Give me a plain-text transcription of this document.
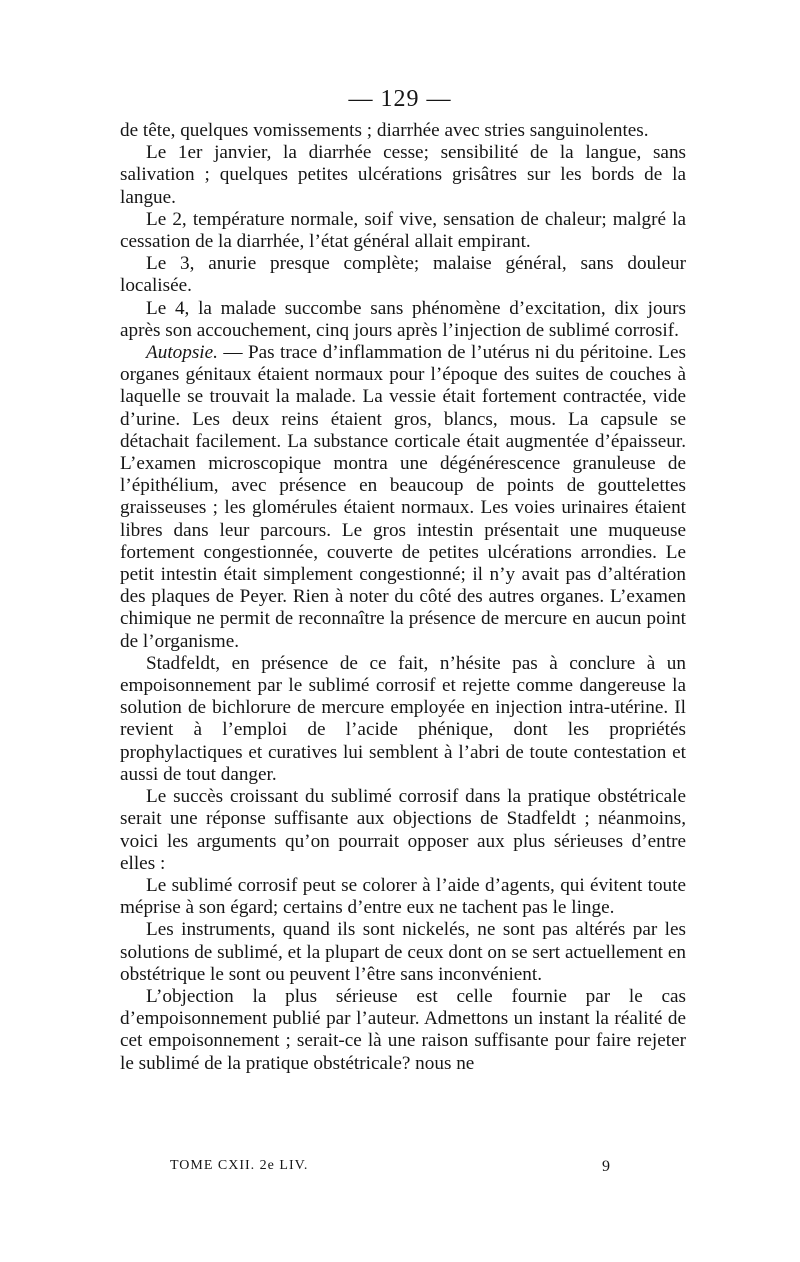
— 129 —

de tête, quelques vomissements ; diarrhée avec stries sanguinolentes.

Le 1er janvier, la diarrhée cesse; sensibilité de la langue, sans salivation ; quelques petites ulcérations grisâtres sur les bords de la langue.

Le 2, température normale, soif vive, sensation de chaleur; malgré la cessation de la diarrhée, l’état général allait empirant.

Le 3, anurie presque complète; malaise général, sans douleur localisée.

Le 4, la malade succombe sans phénomène d’excitation, dix jours après son accouchement, cinq jours après l’injection de sublimé corrosif.

Autopsie. — Pas trace d’inflammation de l’utérus ni du péritoine. Les organes génitaux étaient normaux pour l’époque des suites de couches à laquelle se trouvait la malade. La vessie était fortement contractée, vide d’urine. Les deux reins étaient gros, blancs, mous. La capsule se détachait facilement. La substance corticale était augmentée d’épaisseur. L’examen microscopique montra une dégénérescence granuleuse de l’épithélium, avec présence en beaucoup de points de gouttelettes graisseuses ; les glomérules étaient normaux. Les voies urinaires étaient libres dans leur parcours. Le gros intestin présentait une muqueuse fortement congestionnée, couverte de petites ulcérations arrondies. Le petit intestin était simplement congestionné; il n’y avait pas d’altération des plaques de Peyer. Rien à noter du côté des autres organes. L’examen chimique ne permit de reconnaître la présence de mercure en aucun point de l’organisme.

Stadfeldt, en présence de ce fait, n’hésite pas à conclure à un empoisonnement par le sublimé corrosif et rejette comme dangereuse la solution de bichlorure de mercure employée en injection intra-utérine. Il revient à l’emploi de l’acide phénique, dont les propriétés prophylactiques et curatives lui semblent à l’abri de toute contestation et aussi de tout danger.

Le succès croissant du sublimé corrosif dans la pratique obstétricale serait une réponse suffisante aux objections de Stadfeldt ; néanmoins, voici les arguments qu’on pourrait opposer aux plus sérieuses d’entre elles :

Le sublimé corrosif peut se colorer à l’aide d’agents, qui évitent toute méprise à son égard; certains d’entre eux ne tachent pas le linge.

Les instruments, quand ils sont nickelés, ne sont pas altérés par les solutions de sublimé, et la plupart de ceux dont on se sert actuellement en obstétrique le sont ou peuvent l’être sans inconvénient.

L’objection la plus sérieuse est celle fournie par le cas d’empoisonnement publié par l’auteur. Admettons un instant la réalité de cet empoisonnement ; serait-ce là une raison suffisante pour faire rejeter le sublimé de la pratique obstétricale? nous ne

TOME CXII. 2e LIV.	9
